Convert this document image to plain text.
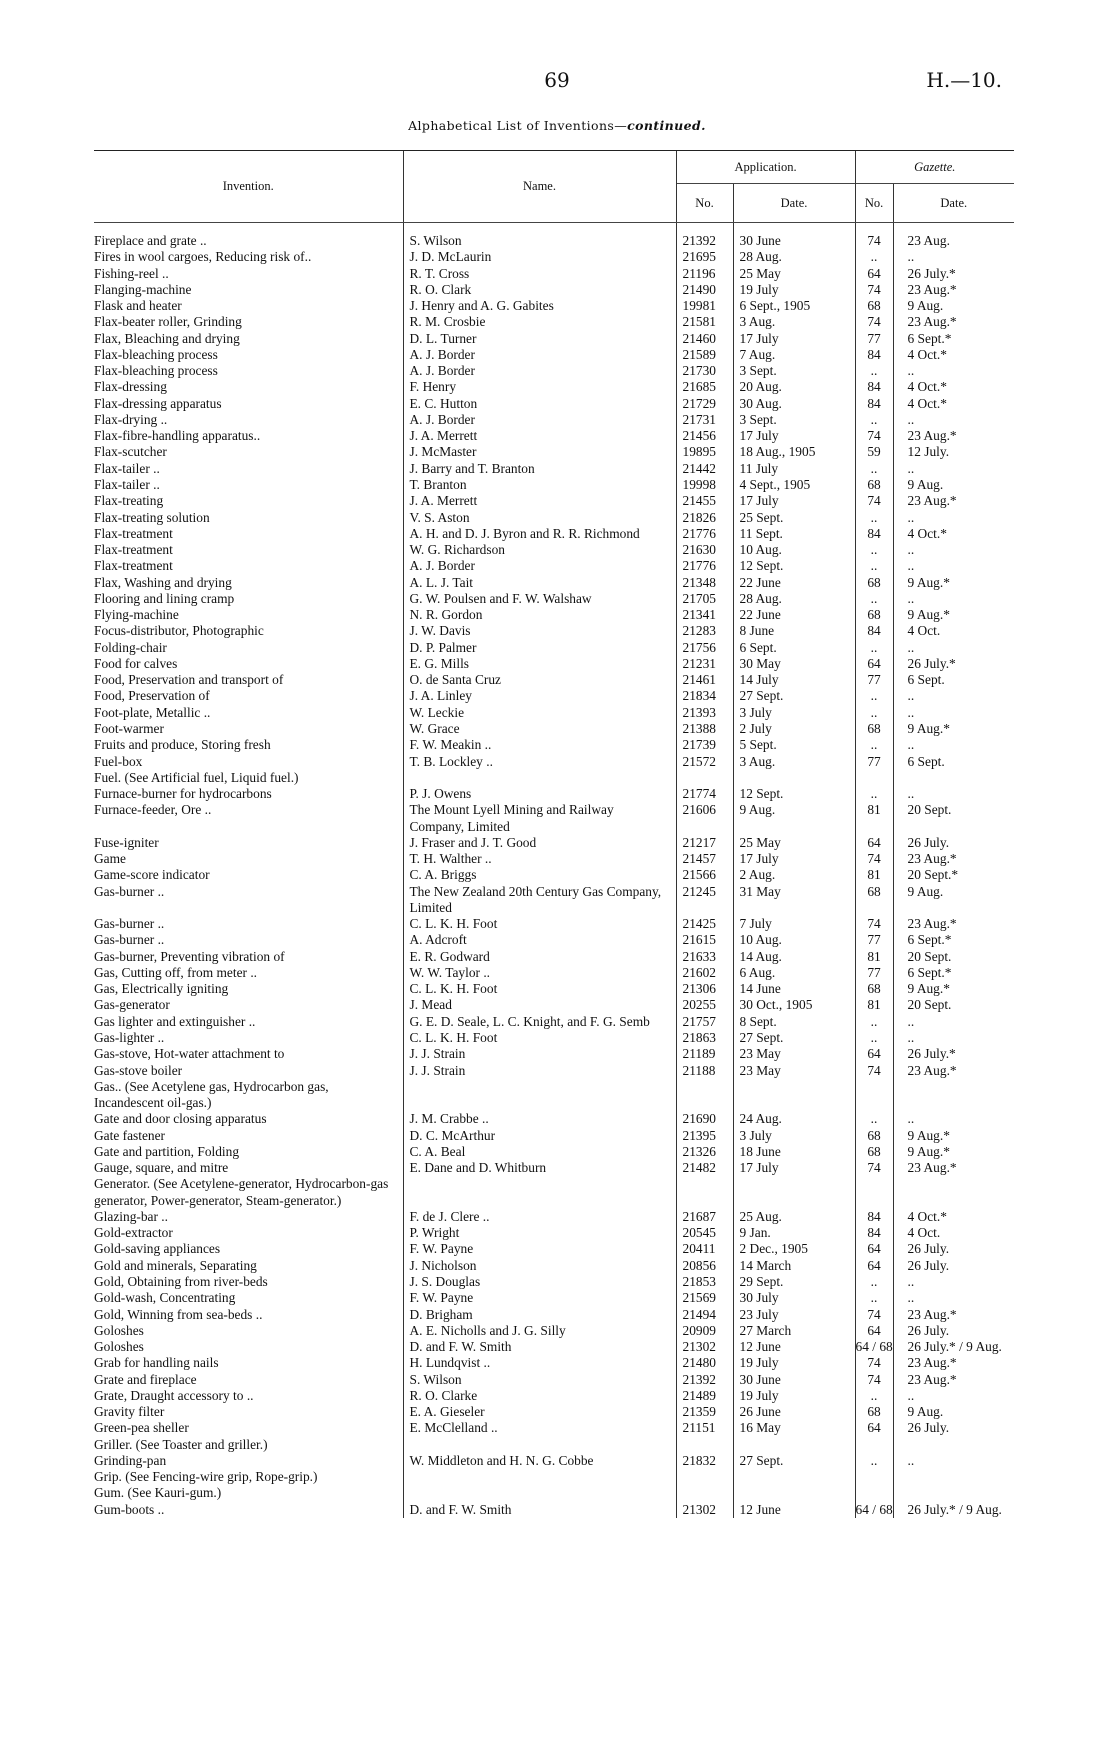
69	H.—10.
Alphabetical List of Inventions—continued.
Invention.	Name.	Application.		Gazette.	
		No.	Date.	No.	Date.

Fireplace and grate ..	S. Wilson	21392	30 June	74	23 Aug.
Fires in wool cargoes, Reducing risk of..	J. D. McLaurin	21695	28 Aug.	..	..
Fishing-reel ..	R. T. Cross	21196	25 May	64	26 July.*
Flanging-machine	R. O. Clark	21490	19 July	74	23 Aug.*
Flask and heater	J. Henry and A. G. Gabites	19981	6 Sept., 1905	68	9 Aug.
Flax-beater roller, Grinding	R. M. Crosbie	21581	3 Aug.	74	23 Aug.*
Flax, Bleaching and drying	D. L. Turner	21460	17 July	77	6 Sept.*
Flax-bleaching process	A. J. Border	21589	7 Aug.	84	4 Oct.*
Flax-bleaching process	A. J. Border	21730	3 Sept.	..	..
Flax-dressing	F. Henry	21685	20 Aug.	84	4 Oct.*
Flax-dressing apparatus	E. C. Hutton	21729	30 Aug.	84	4 Oct.*
Flax-drying ..	A. J. Border	21731	3 Sept.	..	..
Flax-fibre-handling apparatus..	J. A. Merrett	21456	17 July	74	23 Aug.*
Flax-scutcher	J. McMaster	19895	18 Aug., 1905	59	12 July.
Flax-tailer ..	J. Barry and T. Branton	21442	11 July	..	..
Flax-tailer ..	T. Branton	19998	4 Sept., 1905	68	9 Aug.
Flax-treating	J. A. Merrett	21455	17 July	74	23 Aug.*
Flax-treating solution	V. S. Aston	21826	25 Sept.	..	..
Flax-treatment	A. H. and D. J. Byron and R. R. Richmond	21776	11 Sept.	84	4 Oct.*
Flax-treatment	W. G. Richardson	21630	10 Aug.	..	..
Flax-treatment	A. J. Border	21776	12 Sept.	..	..
Flax, Washing and drying	A. L. J. Tait	21348	22 June	68	9 Aug.*
Flooring and lining cramp	G. W. Poulsen and F. W. Walshaw	21705	28 Aug.	..	..
Flying-machine	N. R. Gordon	21341	22 June	68	9 Aug.*
Focus-distributor, Photographic	J. W. Davis	21283	8 June	84	4 Oct.
Folding-chair	D. P. Palmer	21756	6 Sept.	..	..
Food for calves	E. G. Mills	21231	30 May	64	26 July.*
Food, Preservation and transport of	O. de Santa Cruz	21461	14 July	77	6 Sept.
Food, Preservation of	J. A. Linley	21834	27 Sept.	..	..
Foot-plate, Metallic ..	W. Leckie	21393	3 July	..	..
Foot-warmer	W. Grace	21388	2 July	68	9 Aug.*
Fruits and produce, Storing fresh	F. W. Meakin ..	21739	5 Sept.	..	..
Fuel-box	T. B. Lockley ..	21572	3 Aug.	77	6 Sept.
Fuel. (See Artificial fuel, Liquid fuel.)					
Furnace-burner for hydrocarbons	P. J. Owens	21774	12 Sept.	..	..
Furnace-feeder, Ore ..	The Mount Lyell Mining and Railway Company, Limited	21606	9 Aug.	81	20 Sept.
Fuse-igniter	J. Fraser and J. T. Good	21217	25 May	64	26 July.
Game	T. H. Walther ..	21457	17 July	74	23 Aug.*
Game-score indicator	C. A. Briggs	21566	2 Aug.	81	20 Sept.*
Gas-burner ..	The New Zealand 20th Century Gas Company, Limited	21245	31 May	68	9 Aug.
Gas-burner ..	C. L. K. H. Foot	21425	7 July	74	23 Aug.*
Gas-burner ..	A. Adcroft	21615	10 Aug.	77	6 Sept.*
Gas-burner, Preventing vibration of	E. R. Godward	21633	14 Aug.	81	20 Sept.
Gas, Cutting off, from meter ..	W. W. Taylor ..	21602	6 Aug.	77	6 Sept.*
Gas, Electrically igniting	C. L. K. H. Foot	21306	14 June	68	9 Aug.*
Gas-generator	J. Mead	20255	30 Oct., 1905	81	20 Sept.
Gas lighter and extinguisher ..	G. E. D. Seale, L. C. Knight, and F. G. Semb	21757	8 Sept.	..	..
Gas-lighter ..	C. L. K. H. Foot	21863	27 Sept.	..	..
Gas-stove, Hot-water attachment to	J. J. Strain	21189	23 May	64	26 July.*
Gas-stove boiler	J. J. Strain	21188	23 May	74	23 Aug.*
Gas.. (See Acetylene gas, Hydrocarbon gas, Incandescent oil-gas.)					
Gate and door closing apparatus	J. M. Crabbe ..	21690	24 Aug.	..	..
Gate fastener	D. C. McArthur	21395	3 July	68	9 Aug.*
Gate and partition, Folding	C. A. Beal	21326	18 June	68	9 Aug.*
Gauge, square, and mitre	E. Dane and D. Whitburn	21482	17 July	74	23 Aug.*
Generator. (See Acetylene-generator, Hydrocarbon-gas generator, Power-generator, Steam-generator.)					
Glazing-bar ..	F. de J. Clere ..	21687	25 Aug.	84	4 Oct.*
Gold-extractor	P. Wright	20545	9 Jan.	84	4 Oct.
Gold-saving appliances	F. W. Payne	20411	2 Dec., 1905	64	26 July.
Gold and minerals, Separating	J. Nicholson	20856	14 March	64	26 July.
Gold, Obtaining from river-beds	J. S. Douglas	21853	29 Sept.	..	..
Gold-wash, Concentrating	F. W. Payne	21569	30 July	..	..
Gold, Winning from sea-beds ..	D. Brigham	21494	23 July	74	23 Aug.*
Goloshes	A. E. Nicholls and J. G. Silly	20909	27 March	64	26 July.
Goloshes	D. and F. W. Smith	21302	12 June	64 / 68	26 July.* / 9 Aug.
Grab for handling nails	H. Lundqvist ..	21480	19 July	74	23 Aug.*
Grate and fireplace	S. Wilson	21392	30 June	74	23 Aug.*
Grate, Draught accessory to ..	R. O. Clarke	21489	19 July	..	..
Gravity filter	E. A. Gieseler	21359	26 June	68	9 Aug.
Green-pea sheller	E. McClelland ..	21151	16 May	64	26 July.
Griller. (See Toaster and griller.)					
Grinding-pan	W. Middleton and H. N. G. Cobbe	21832	27 Sept.	..	..
Grip. (See Fencing-wire grip, Rope-grip.)					
Gum. (See Kauri-gum.)					
Gum-boots ..	D. and F. W. Smith	21302	12 June	64 / 68	26 July.* / 9 Aug.
